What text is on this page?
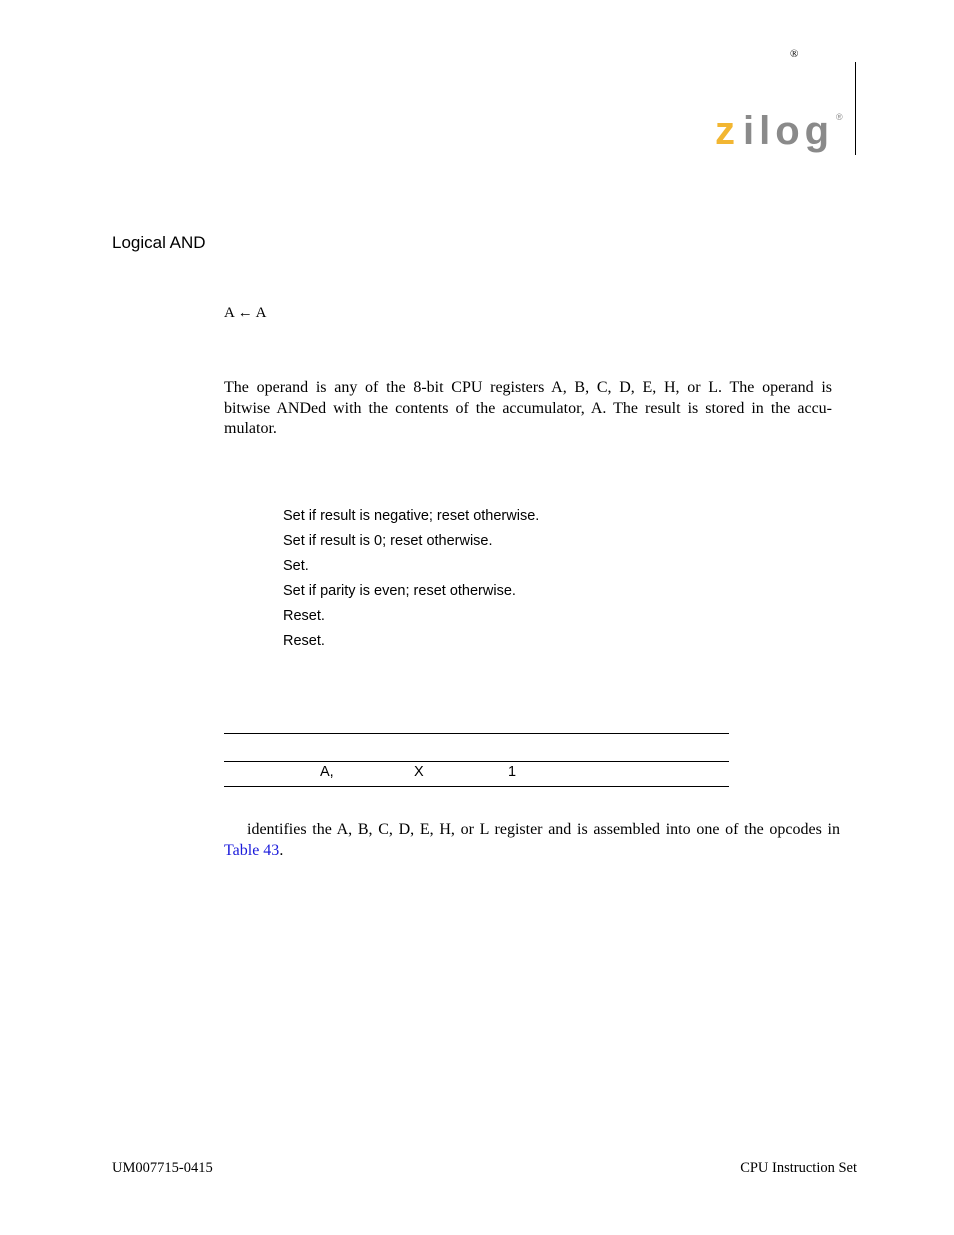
®
z ilog ®
Logical AND
A ← A
The operand is any of the 8-bit CPU registers A, B, C, D, E, H, or L. The operand is
bitwise ANDed with the contents of the accumulator, A. The result is stored in the accu-
mulator.
Set if result is negative; reset otherwise.
Set if result is 0; reset otherwise.
Set.
Set if parity is even; reset otherwise.
Reset.
Reset.
A,	X	1
identifies the A, B, C, D, E, H, or L register and is assembled into one of the opcodes in
Table 43.
UM007715-0415	CPU Instruction Set
